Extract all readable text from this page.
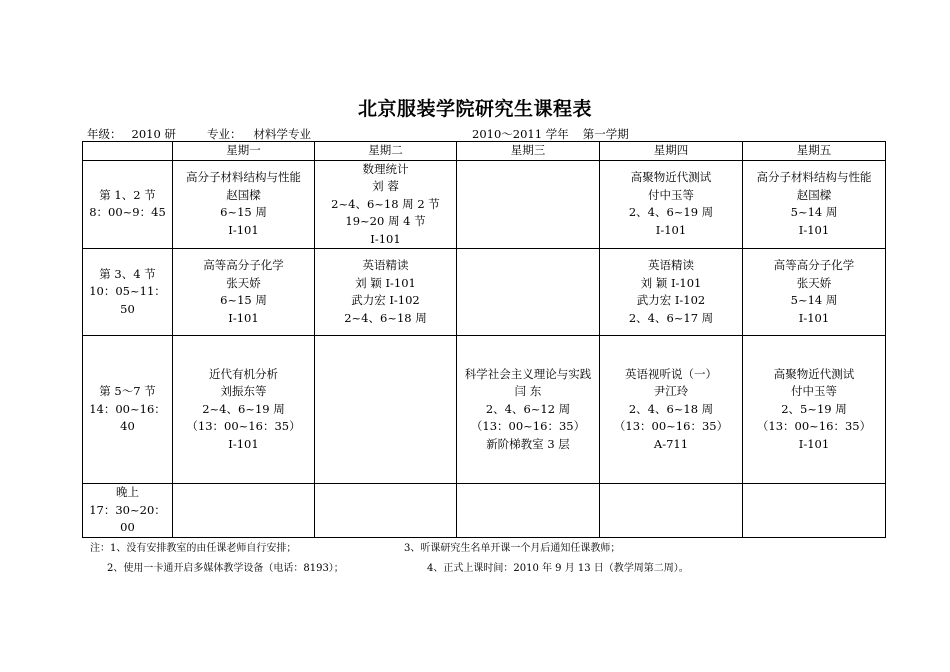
北京服装学院研究生课程表
年级： 2010 研	专业： 材料学专业	2010～2011 学年 第一学期
	星期一	星期二	星期三	星期四	星期五
第 1、2 节
8：00~9：45	高分子材料结构与性能
赵国樑
6~15 周
Ⅰ-101	数理统计
刘 蓉
2~4、6~18 周 2 节
19~20 周 4 节
Ⅰ-101		高聚物近代测试
付中玉等
2、4、6~19 周
Ⅰ-101	高分子材料结构与性能
赵国樑
5~14 周
Ⅰ-101
第 3、4 节
10：05~11：50	高等高分子化学
张天娇
6~15 周
Ⅰ-101	英语精读
刘 颖 Ⅰ-101
武力宏 Ⅰ-102
2~4、6~18 周		英语精读
刘 颖 Ⅰ-101
武力宏 Ⅰ-102
2、4、6~17 周	高等高分子化学
张天娇
5~14 周
Ⅰ-101
第 5～7 节
14：00~16：40	近代有机分析
刘振东等
2~4、6~19 周
（13：00~16：35）
Ⅰ-101		科学社会主义理论与实践
闫 东
2、4、6~12 周
（13：00~16：35）
新阶梯教室 3 层	英语视听说（一）
尹江玲
2、4、6~18 周
（13：00~16：35）
A-711	高聚物近代测试
付中玉等
2、5~19 周
（13：00~16：35）
Ⅰ-101
晚上
17：30~20：00					
注：1、没有安排教室的由任课老师自行安排；
2、使用一卡通开启多媒体教学设备（电话：8193）；
3、听课研究生名单开课一个月后通知任课教师；
4、正式上课时间：2010 年 9 月 13 日（教学周第二周）。
